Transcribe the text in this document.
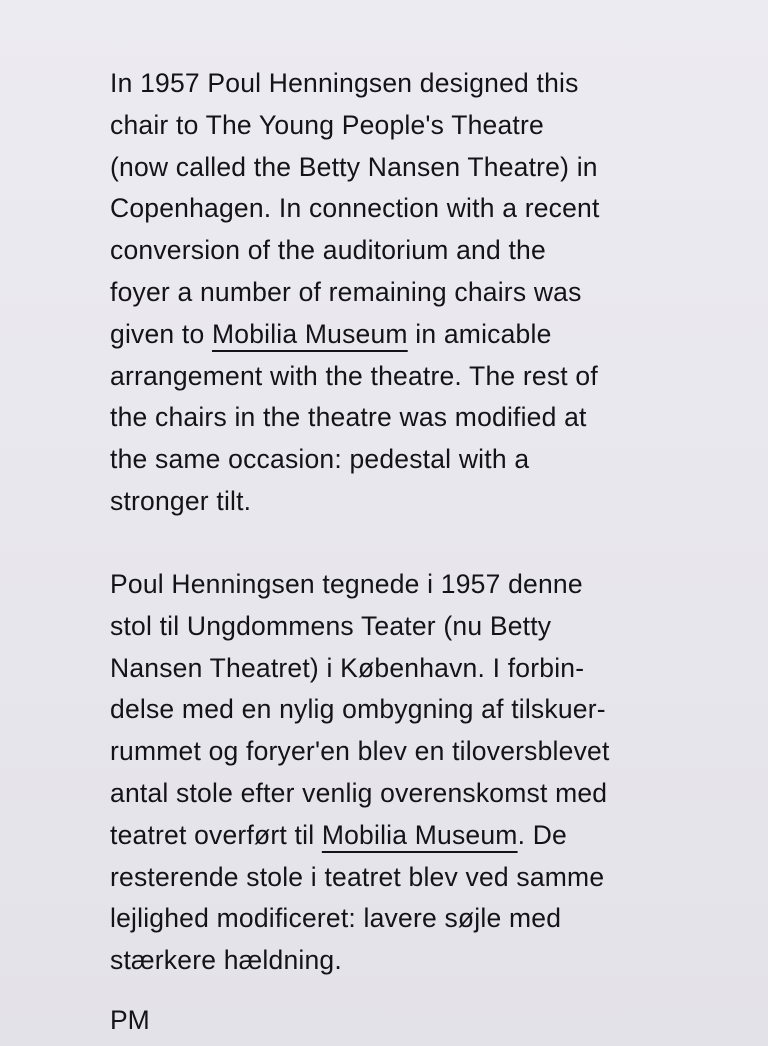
In 1957 Poul Henningsen designed this
chair to The Young People's Theatre
(now called the Betty Nansen Theatre) in
Copenhagen. In connection with a recent
conversion of the auditorium and the
foyer a number of remaining chairs was
given to Mobilia Museum in amicable
arrangement with the theatre. The rest of
the chairs in the theatre was modified at
the same occasion: pedestal with a
stronger tilt.
Poul Henningsen tegnede i 1957 denne
stol til Ungdommens Teater (nu Betty
Nansen Theatret) i København. I forbin-
delse med en nylig ombygning af tilskuer-
rummet og foryer'en blev en tiloversblevet
antal stole efter venlig overenskomst med
teatret overført til Mobilia Museum. De
resterende stole i teatret blev ved samme
lejlighed modificeret: lavere søjle med
stærkere hældning.
PM
